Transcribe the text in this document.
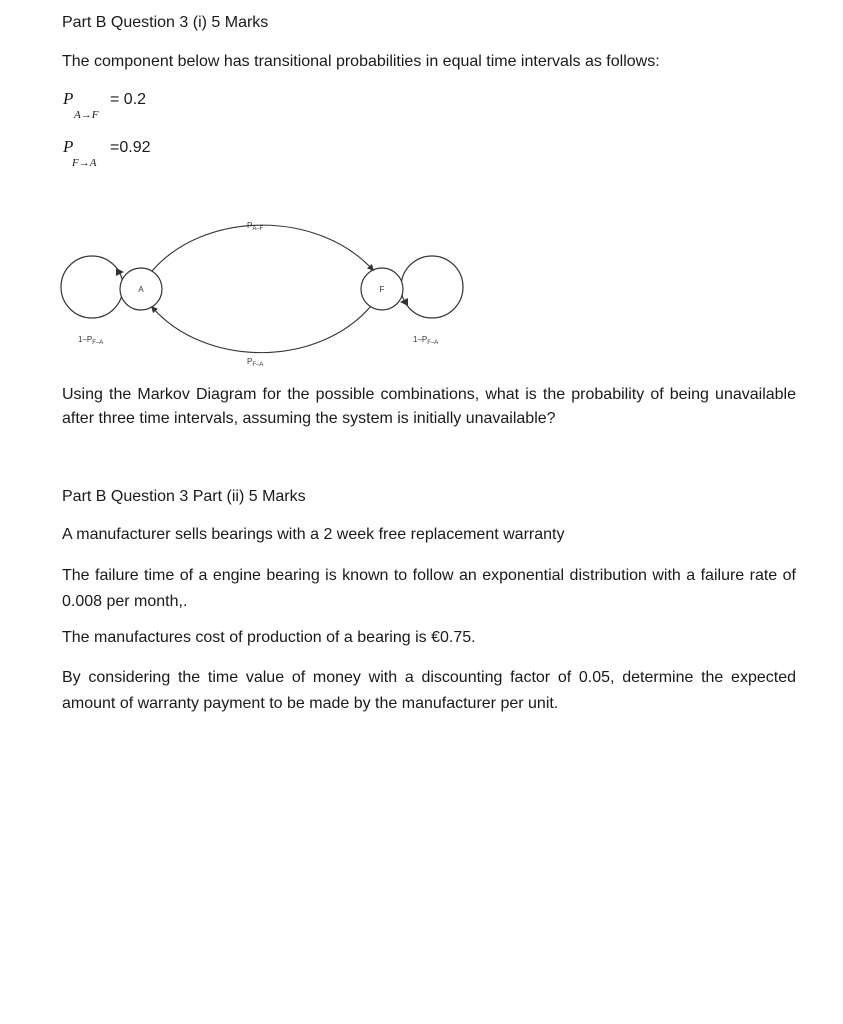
Part B Question 3 (i) 5 Marks

The component below has transitional probabilities in equal time intervals as follows:

P
A→F
= 0.2
P
F→A
=0.92
A	F
$P_{A-F}$
$P_{F-A}$
$1-P_{F-A}$	$1-P_{F-A}$

Using the Markov Diagram for the possible combinations, what is the probability of being unavailable after three time intervals, assuming the system is initially unavailable?

Part B Question 3 Part (ii) 5 Marks

A manufacturer sells bearings with a 2 week free replacement warranty

The failure time of a engine bearing is known to follow an exponential distribution with a failure rate of 0.008 per month,.

The manufactures cost of production of a bearing is €0.75.

By considering the time value of money with a discounting factor of 0.05, determine the expected amount of warranty payment to be made by the manufacturer per unit.
